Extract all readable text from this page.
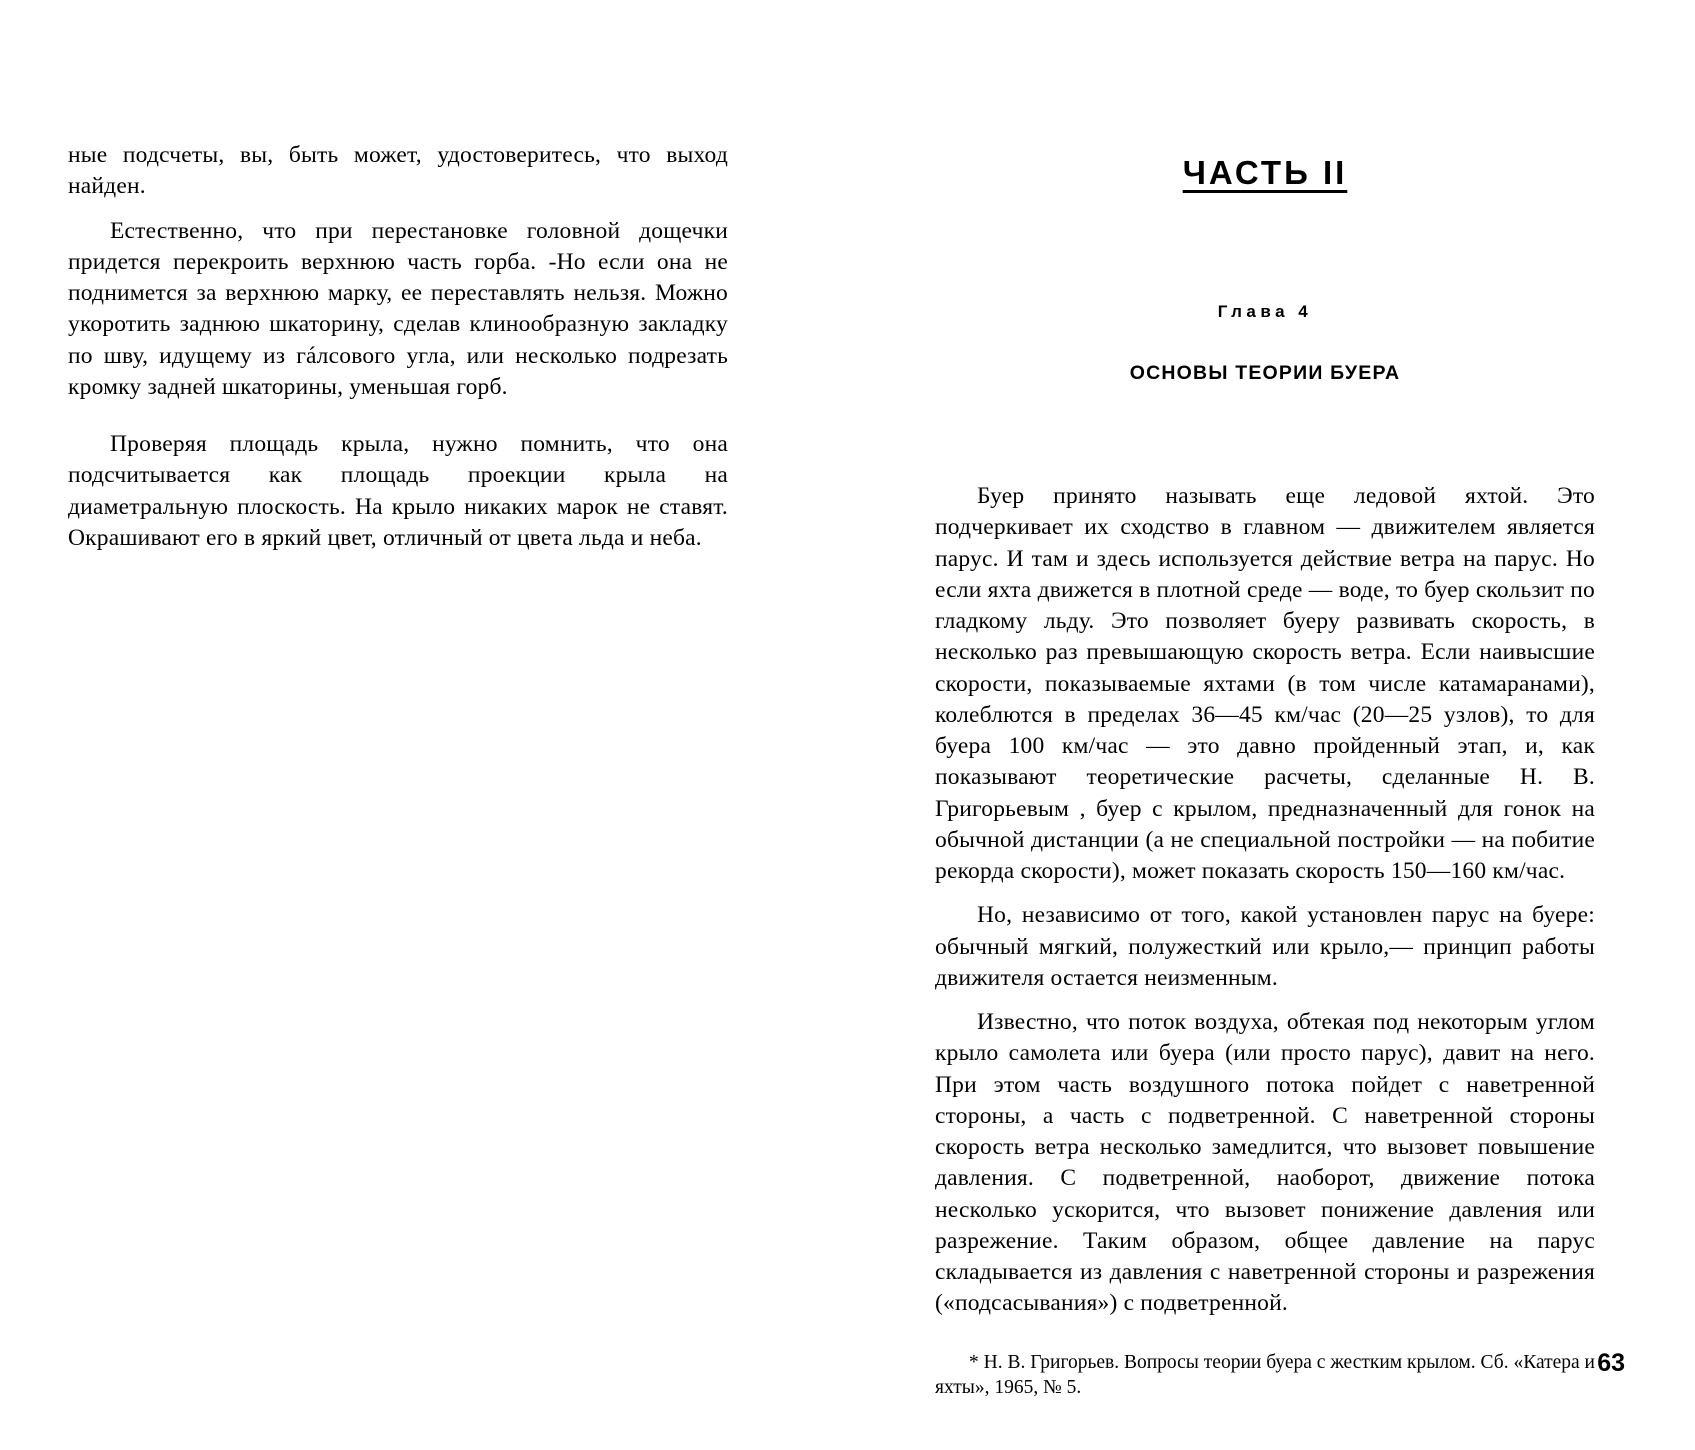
ные подсчеты, вы, быть может, удостоверитесь, что выход найден.

Естественно, что при перестановке головной дощечки придется перекроить верхнюю часть горба. -Но если она не поднимется за верхнюю марку, ее переставлять нельзя. Можно укоротить заднюю шкаторину, сделав клинообразную закладку по шву, идущему из гáлсового угла, или несколько подрезать кромку задней шкаторины, уменьшая горб.

Проверяя площадь крыла, нужно помнить, что она подсчитывается как площадь проекции крыла на диаметральную плоскость. На крыло никаких марок не ставят. Окрашивают его в яркий цвет, отличный от цвета льда и неба.

ЧАСТЬ II
Глава 4
ОСНОВЫ ТЕОРИИ БУЕРА

Буер принято называть еще ледовой яхтой. Это подчеркивает их сходство в главном — движителем является парус. И там и здесь используется действие ветра на парус. Но если яхта движется в плотной среде — воде, то буер скользит по гладкому льду. Это позволяет буеру развивать скорость, в несколько раз превышающую скорость ветра. Если наивысшие скорости, показываемые яхтами (в том числе катамаранами), колеблются в пределах 36—45 км/час (20—25 узлов), то для буера 100 км/час — это давно пройденный этап, и, как показывают теоретические расчеты, сделанные Н. В. Григорьевым , буер с крылом, предназначенный для гонок на обычной дистанции (а не специальной постройки — на побитие рекорда скорости), может показать скорость 150—160 км/час.

Но, независимо от того, какой установлен парус на буере: обычный мягкий, полужесткий или крыло,— принцип работы движителя остается неизменным.

Известно, что поток воздуха, обтекая под некоторым углом крыло самолета или буера (или просто парус), давит на него. При этом часть воздушного потока пойдет с наветренной стороны, а часть с подветренной. С наветренной стороны скорость ветра несколько замедлится, что вызовет повышение давления. С подветренной, наоборот, движение потока несколько ускорится, что вызовет понижение давления или разрежение. Таким образом, общее давление на парус складывается из давления с наветренной стороны и разрежения («подсасывания») с подветренной.

* Н. В. Григорьев. Вопросы теории буера с жестким крылом. Сб. «Катера и яхты», 1965, № 5.

63
